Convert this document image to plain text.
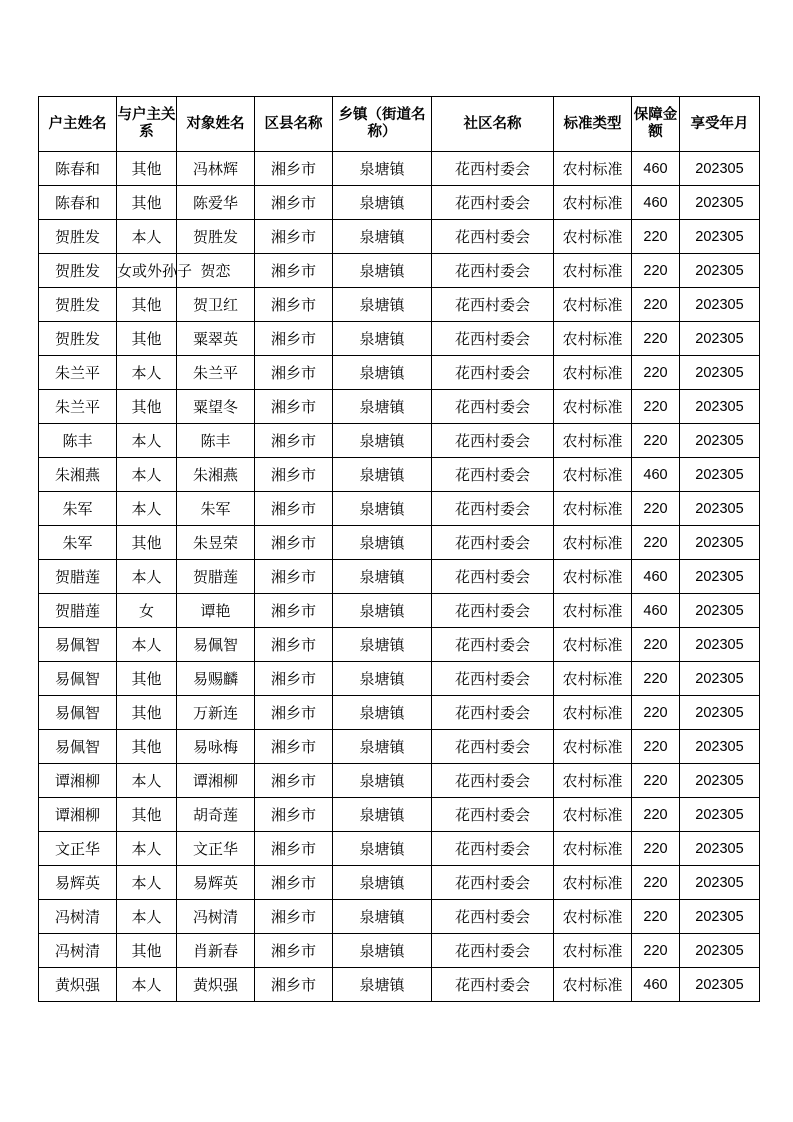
户主姓名	与户主关系	对象姓名	区县名称	乡镇（街道名称）	社区名称	标准类型	保障金额	享受年月
陈春和	其他	冯林辉	湘乡市	泉塘镇	花西村委会	农村标准	460	202305
陈春和	其他	陈爱华	湘乡市	泉塘镇	花西村委会	农村标准	460	202305
贺胜发	本人	贺胜发	湘乡市	泉塘镇	花西村委会	农村标准	220	202305
贺胜发	女或外孙子	贺恋	湘乡市	泉塘镇	花西村委会	农村标准	220	202305
贺胜发	其他	贺卫红	湘乡市	泉塘镇	花西村委会	农村标准	220	202305
贺胜发	其他	粟翠英	湘乡市	泉塘镇	花西村委会	农村标准	220	202305
朱兰平	本人	朱兰平	湘乡市	泉塘镇	花西村委会	农村标准	220	202305
朱兰平	其他	粟望冬	湘乡市	泉塘镇	花西村委会	农村标准	220	202305
陈丰	本人	陈丰	湘乡市	泉塘镇	花西村委会	农村标准	220	202305
朱湘燕	本人	朱湘燕	湘乡市	泉塘镇	花西村委会	农村标准	460	202305
朱军	本人	朱军	湘乡市	泉塘镇	花西村委会	农村标准	220	202305
朱军	其他	朱昱荣	湘乡市	泉塘镇	花西村委会	农村标准	220	202305
贺腊莲	本人	贺腊莲	湘乡市	泉塘镇	花西村委会	农村标准	460	202305
贺腊莲	女	谭艳	湘乡市	泉塘镇	花西村委会	农村标准	460	202305
易佩智	本人	易佩智	湘乡市	泉塘镇	花西村委会	农村标准	220	202305
易佩智	其他	易赐麟	湘乡市	泉塘镇	花西村委会	农村标准	220	202305
易佩智	其他	万新连	湘乡市	泉塘镇	花西村委会	农村标准	220	202305
易佩智	其他	易咏梅	湘乡市	泉塘镇	花西村委会	农村标准	220	202305
谭湘柳	本人	谭湘柳	湘乡市	泉塘镇	花西村委会	农村标准	220	202305
谭湘柳	其他	胡奇莲	湘乡市	泉塘镇	花西村委会	农村标准	220	202305
文正华	本人	文正华	湘乡市	泉塘镇	花西村委会	农村标准	220	202305
易辉英	本人	易辉英	湘乡市	泉塘镇	花西村委会	农村标准	220	202305
冯树清	本人	冯树清	湘乡市	泉塘镇	花西村委会	农村标准	220	202305
冯树清	其他	肖新春	湘乡市	泉塘镇	花西村委会	农村标准	220	202305
黄炽强	本人	黄炽强	湘乡市	泉塘镇	花西村委会	农村标准	460	202305
